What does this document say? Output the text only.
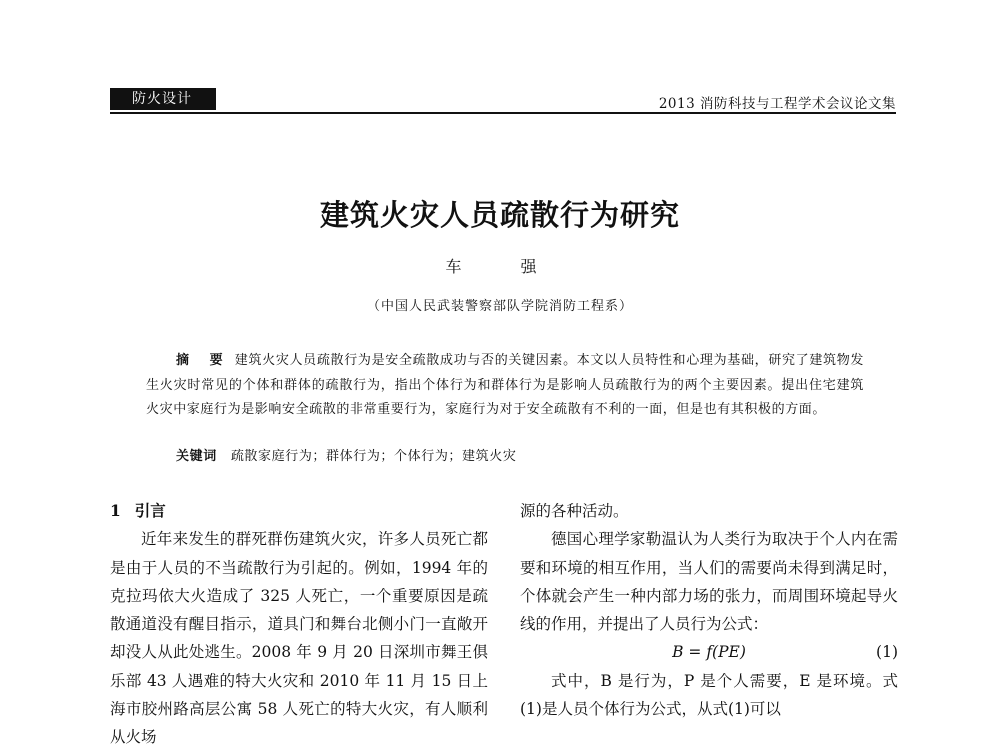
防火设计	2013 消防科技与工程学术会议论文集
建筑火灾人员疏散行为研究
车 强
（中国人民武装警察部队学院消防工程系）
摘 要 建筑火灾人员疏散行为是安全疏散成功与否的关键因素。本文以人员特性和心理为基础，研究了建筑物发生火灾时常见的个体和群体的疏散行为，指出个体行为和群体行为是影响人员疏散行为的两个主要因素。提出住宅建筑火灾中家庭行为是影响安全疏散的非常重要行为，家庭行为对于安全疏散有不利的一面，但是也有其积极的方面。
关键词 疏散家庭行为；群体行为；个体行为；建筑火灾

1 引言

近年来发生的群死群伤建筑火灾，许多人员死亡都是由于人员的不当疏散行为引起的。例如，1994 年的克拉玛依大火造成了 325 人死亡，一个重要原因是疏散通道没有醒目指示，道具门和舞台北侧小门一直敞开却没人从此处逃生。2008 年 9 月 20 日深圳市舞王俱乐部 43 人遇难的特大火灾和 2010 年 11 月 15 日上海市胶州路高层公寓 58 人死亡的特大火灾，有人顺利从火场

源的各种活动。

德国心理学家勒温认为人类行为取决于个人内在需要和环境的相互作用，当人们的需要尚未得到满足时，个体就会产生一种内部力场的张力，而周围环境起导火线的作用，并提出了人员行为公式：

B = f(PE)	(1)

式中，B 是行为，P 是个人需要，E 是环境。式(1)是人员个体行为公式，从式(1)可以
